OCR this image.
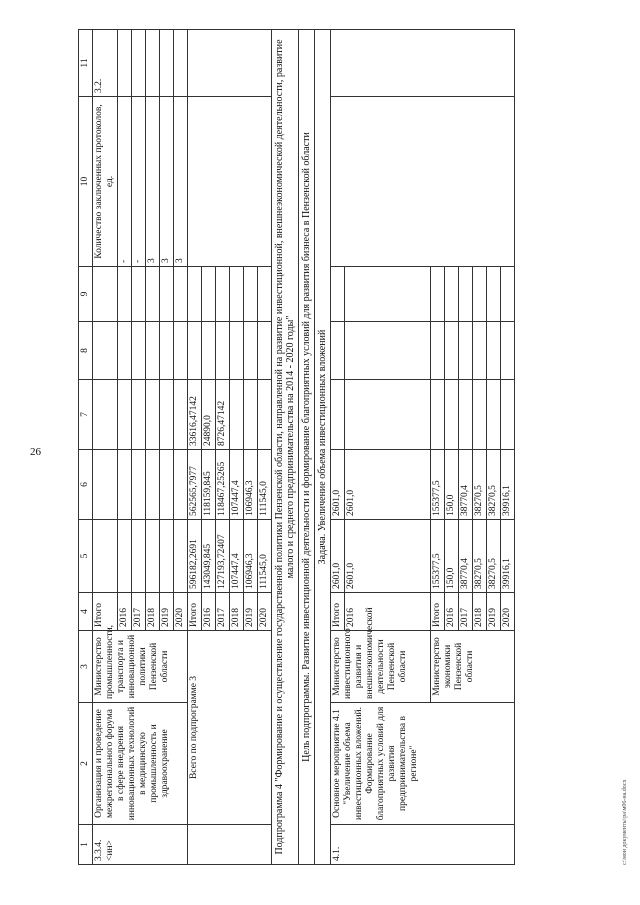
26
1	2	3	4	5	6	7	8	9	10	11
3.3.4. <ин>	Организация и проведение межрегионального форума в сфере внедрения инновационных технологий в медицинскую промышленность и здравоохранение	Министерство промышленности, транспорта и инновационной политики Пензенской области	Итого						Количество заключенных протоколов, ед.	3.2.
			2016						-	
			2017						-	
			2018						3	
			2019						3	
			2020						3	
	Всего по подпрограмме 3		Итого	596182,2691	562565,7977	33616,47142				
			2016	143049,845	118159,845	24890,0				
			2017	127193,72407	118467,25265	8726,47142				
			2018	107447,4	107447,4					
			2019	106946,3	106946,3					
			2020	111545,0	111545,0					
Подпрограмма 4 "Формирование и осуществление государственной политики Пензенской области, направленной на развитие инвестиционной, внешнеэкономической деятельности, развитие малого и среднего предпринимательства на 2014 - 2020 годы"										
Цель подпрограммы. Развитие инвестиционной деятельности и формирование благоприятных условий для развития бизнеса в Пензенской области										
Задача. Увеличение объема инвестиционных вложений										
4.1.	Основное мероприятие 4.1 "Увеличение объема инвестиционных вложений. Формирование благоприятных условий для развития предпринимательства в регионе"	Министерство инвестиционного развития и внешнеэкономической деятельности Пензенской области	Итого	2601,0	2601,0					
			2016	2601,0	2601,0					
		Министерство экономики Пензенской области	Итого	155377,5	155377,5					
			2016	150,0	150,0					
			2017	38770,4	38770,4					
			2018	38270,5	38270,5					
			2019	38270,5	38270,5					
			2020	39916,1	39916,1					
c:\мои документы\ра\м06-на.docx
